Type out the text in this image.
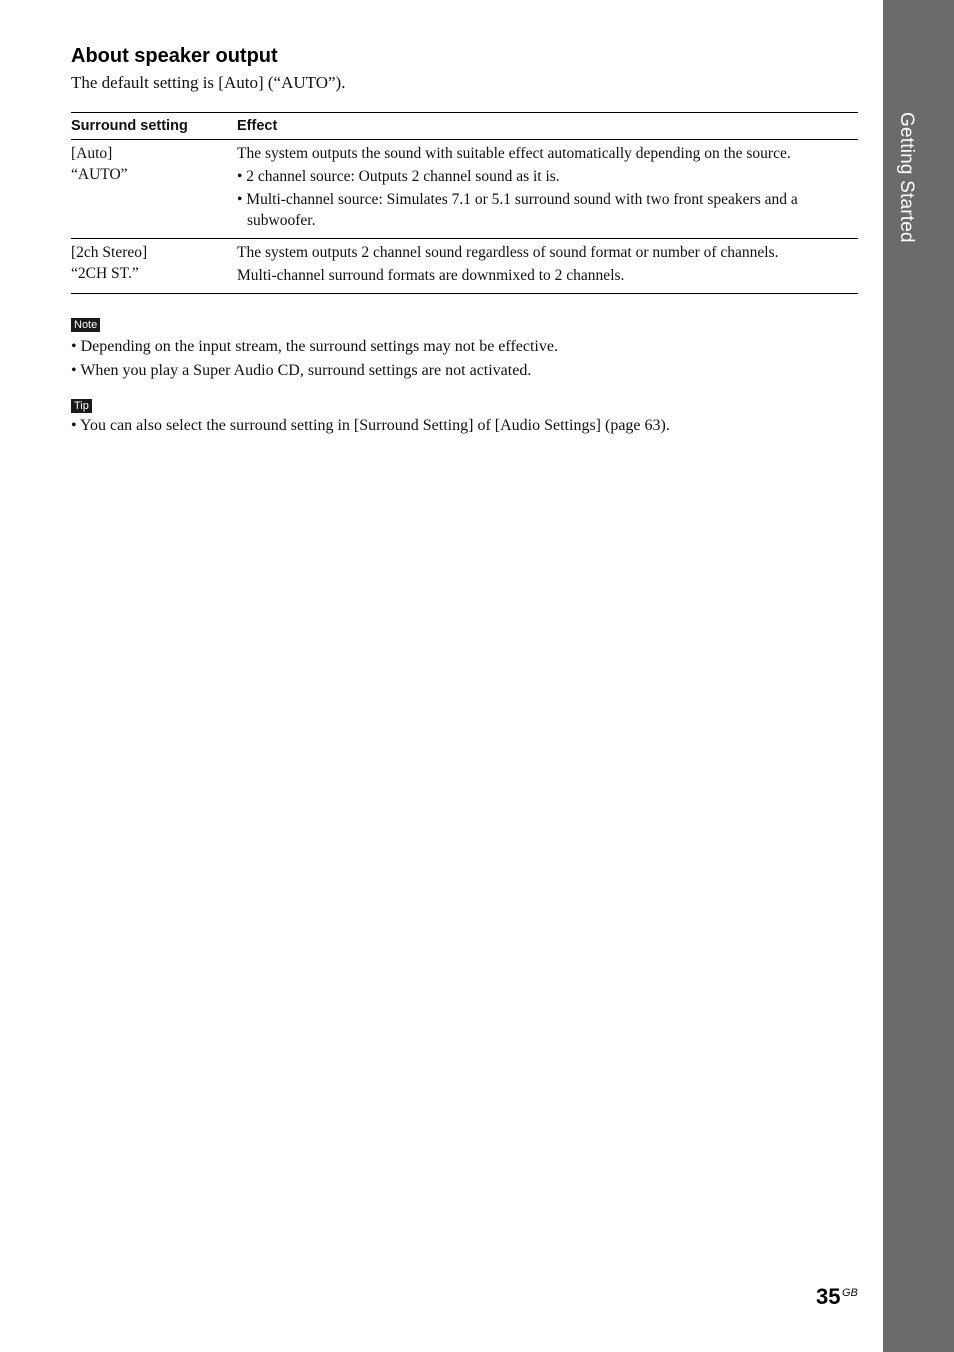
Getting Started
About speaker output

The default setting is [Auto] (“AUTO”).

Surround setting	Effect

[Auto]
“AUTO”	The system outputs the sound with suitable effect automatically depending on the source.
• 2 channel source: Outputs 2 channel sound as it is.
• Multi-channel source: Simulates 7.1 or 5.1 surround sound with two front speakers and a subwoofer.

[2ch Stereo]
“2CH ST.”	The system outputs 2 channel sound regardless of sound format or number of channels.
Multi-channel surround formats are downmixed to 2 channels.
Note
• Depending on the input stream, the surround settings may not be effective.
• When you play a Super Audio CD, surround settings are not activated.
Tip
• You can also select the surround setting in [Surround Setting] of [Audio Settings] (page 63).
35 GB
